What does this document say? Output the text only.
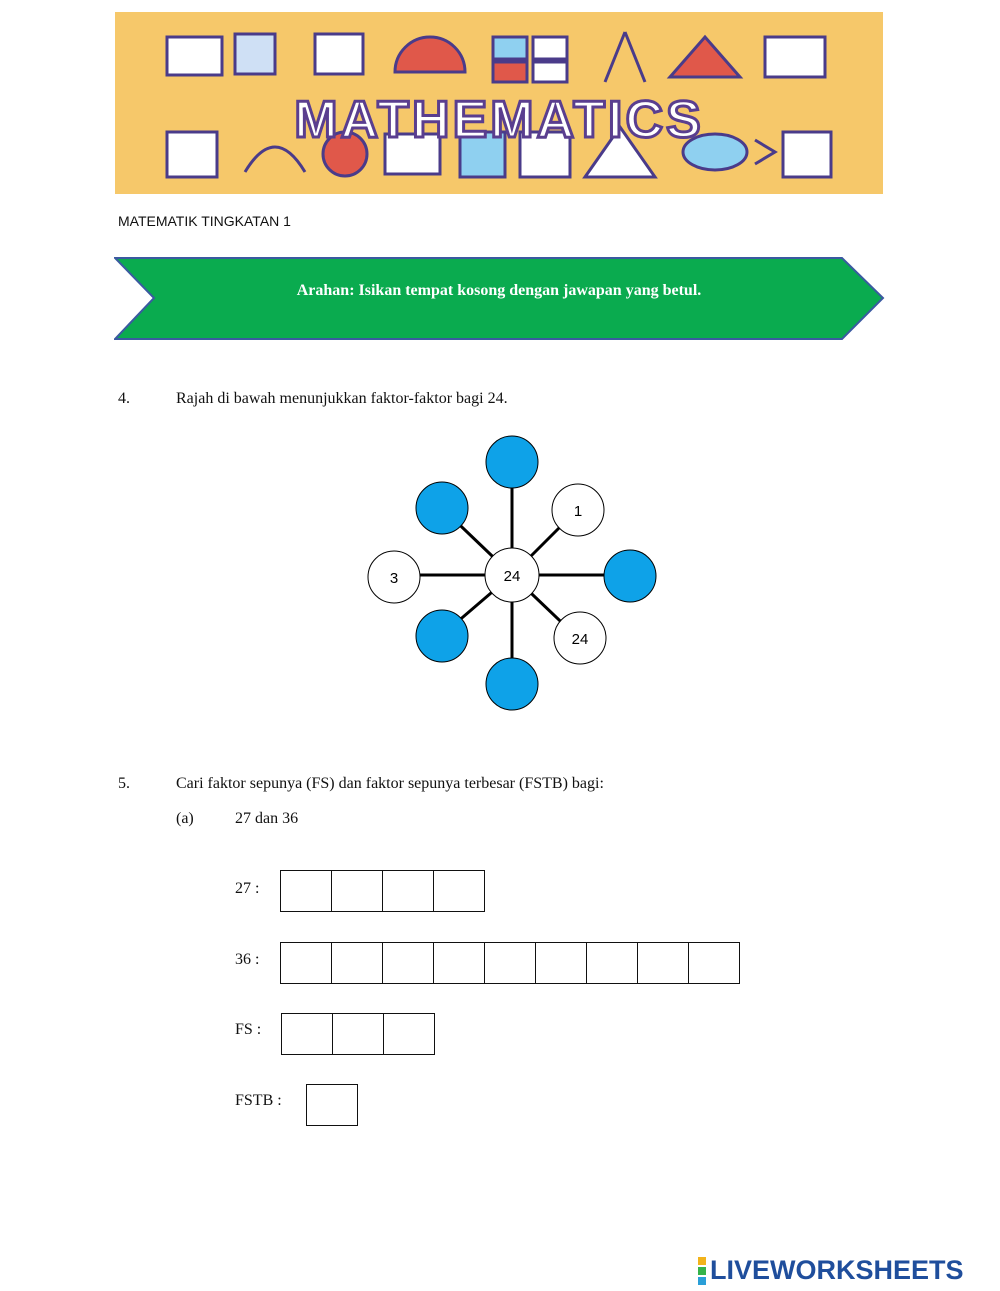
MATHEMATICS
MATEMATIK TINGKATAN 1
Arahan: Isikan tempat kosong dengan jawapan yang betul.
4.	Rajah di bawah menunjukkan faktor-faktor bagi 24.
24
1
3
24
5.	Cari faktor sepunya (FS) dan faktor sepunya terbesar (FSTB) bagi:
(a)	27 dan 36
27 :
36 :
FS :
FSTB :
LIVEWORKSHEETS
